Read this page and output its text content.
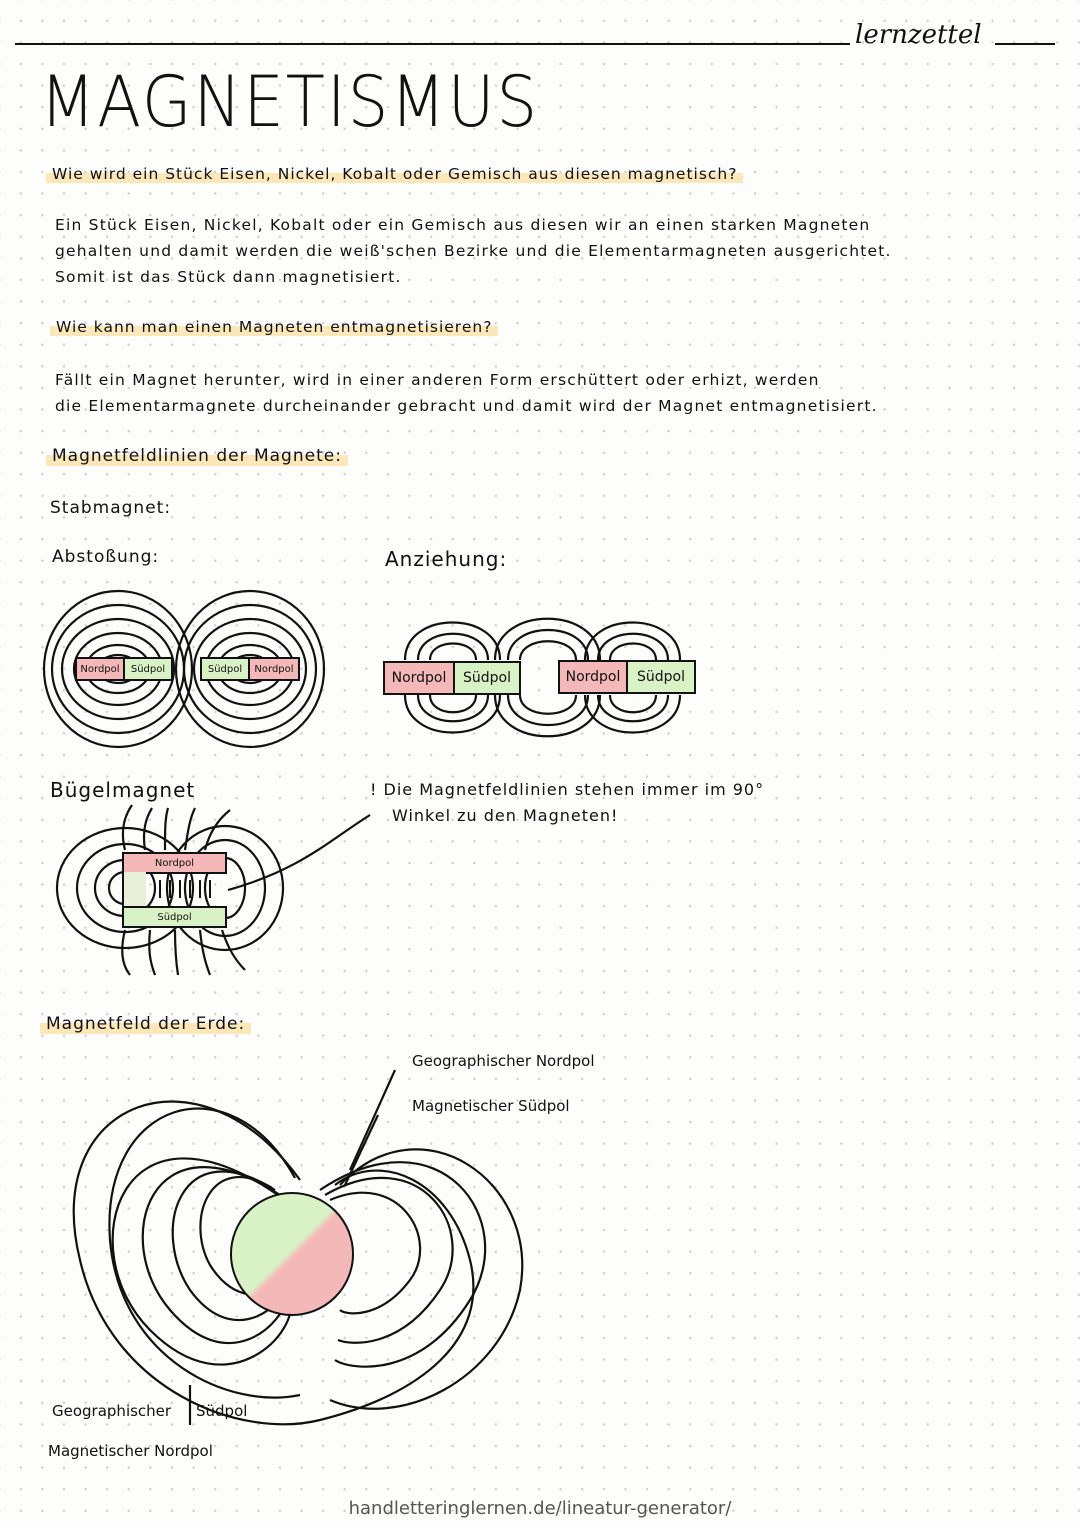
lernzettel
MAGNETISMUS
Wie wird ein Stück Eisen, Nickel, Kobalt oder Gemisch aus diesen magnetisch?
Ein Stück Eisen, Nickel, Kobalt oder ein Gemisch aus diesen wir an einen starken Magneten
gehalten und damit werden die weiß'schen Bezirke und die Elementarmagneten ausgerichtet.
Somit ist das Stück dann magnetisiert.
Wie kann man einen Magneten entmagnetisieren?
Fällt ein Magnet herunter, wird in einer anderen Form erschüttert oder erhizt, werden
die Elementarmagnete durcheinander gebracht und damit wird der Magnet entmagnetisiert.
Magnetfeldlinien der Magnete:
Stabmagnet:
Abstoßung:	Anziehung:
Nordpol	Südpol	Südpol	Nordpol
Nordpol	Südpol	Nordpol	Südpol
Bügelmagnet
Nordpol
Südpol
! Die Magnetfeldlinien stehen immer im 90°
Winkel zu den Magneten!
Magnetfeld der Erde:
Geographischer Nordpol
Magnetischer Südpol
Geographischer Südpol
Magnetischer Nordpol
handletteringlernen.de/lineatur-generator/
